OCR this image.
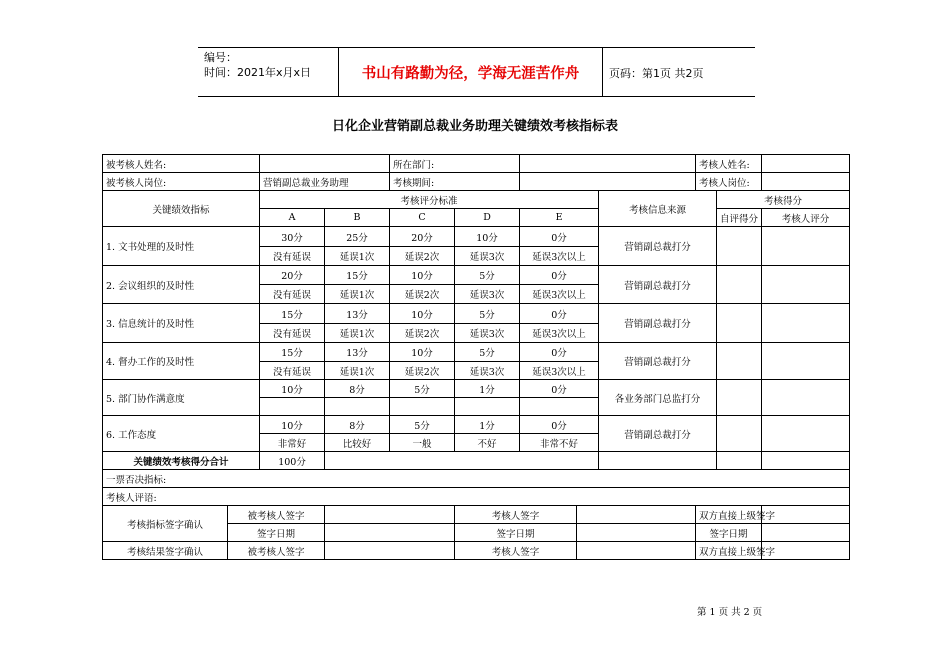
编号：
时间：2021年x月x日	书山有路勤为径，学海无涯苦作舟	页码：第1页 共2页
日化企业营销副总裁业务助理关键绩效考核指标表
被考核人姓名:				所在部门:					考核人姓名:		
被考核人岗位:		营销副总裁业务助理		考核期间:					考核人岗位:		
关键绩效指标		考核评分标准						考核信息来源		考核得分	
		A	B	C	D	E				自评得分	考核人评分
1. 文书处理的及时性		30分	25分	20分	10分	0分		营销副总裁打分			
		没有延误	延误1次	延误2次	延误3次	延误3次以上					
2. 会议组织的及时性		20分	15分	10分	5分	0分		营销副总裁打分			
		没有延误	延误1次	延误2次	延误3次	延误3次以上					
3. 信息统计的及时性		15分	13分	10分	5分	0分		营销副总裁打分			
		没有延误	延误1次	延误2次	延误3次	延误3次以上					
4. 督办工作的及时性		15分	13分	10分	5分	0分		营销副总裁打分			
		没有延误	延误1次	延误2次	延误3次	延误3次以上					
5. 部门协作满意度		10分	8分	5分	1分	0分		各业务部门总监打分			

6. 工作态度		10分	8分	5分	1分	0分		营销副总裁打分			
		非常好	比较好	一般	不好	非常不好					
关键绩效考核得分合计		100分									
一票否决指标:											
考核人评语:											
考核指标签字确认	被考核人签字				考核人签字				双方直接上级签字		
	签字日期				签字日期				签字日期		
考核结果签字确认	被考核人签字				考核人签字				双方直接上级签字		
第 1 页 共 2 页
